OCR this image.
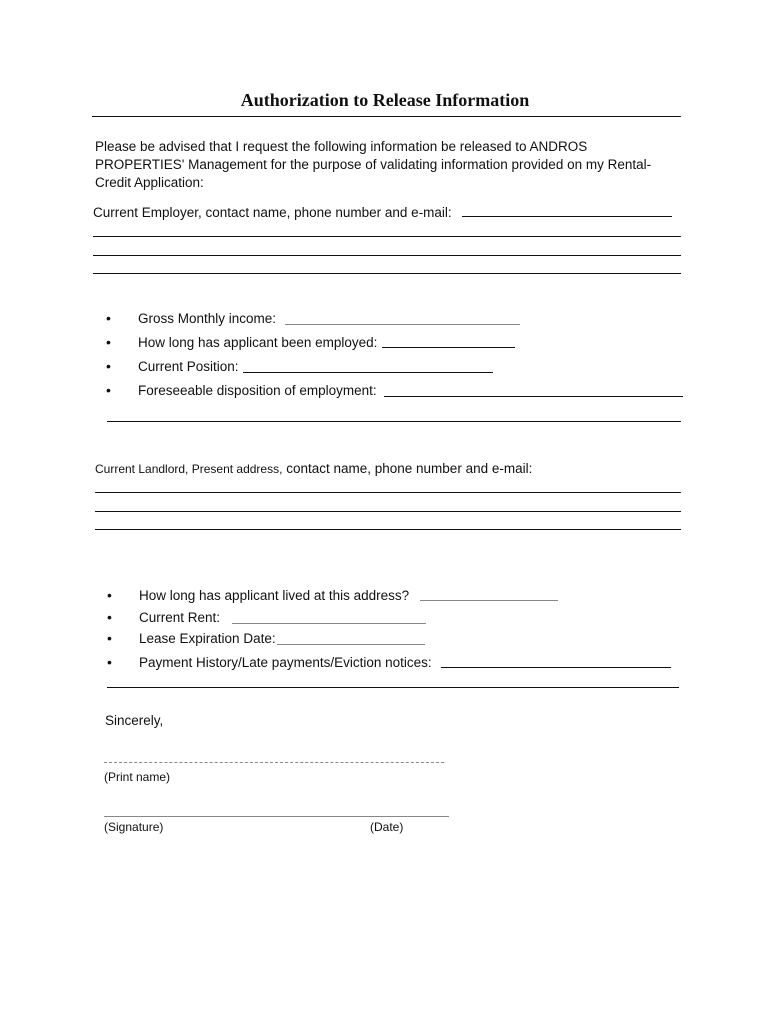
Authorization to Release Information
Please be advised that I request the following information be released to ANDROS PROPERTIES' Management for the purpose of validating information provided on my Rental-Credit Application:
Current Employer, contact name, phone number and e-mail:
• Gross Monthly income:
• How long has applicant been employed:
• Current Position:
• Foreseeable disposition of employment:
Current Landlord, Present address, contact name, phone number and e-mail:
• How long has applicant lived at this address?
• Current Rent:
• Lease Expiration Date:
• Payment History/Late payments/Eviction notices:
Sincerely,
(Print name)
(Signature)	(Date)
